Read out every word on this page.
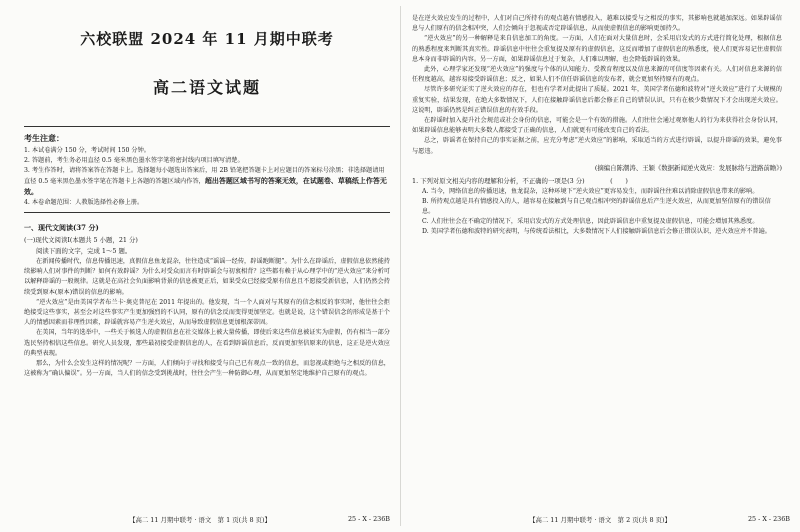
六校联盟 2024 年 11 月期中联考

高二语文试题

考生注意：

1. 本试卷满分 150 分，考试时间 150 分钟。

2. 答题前，考生务必用直径 0.5 毫米黑色墨水签字笔将密封线内项目填写清楚。

3. 考生作答时，请将答案答在答题卡上。选择题每小题选出答案后，用 2B 铅笔把答题卡上对应题目的答案标号涂黑；非选择题请用直径 0.5 毫米黑色墨水签字笔在答题卡上各题的答题区域内作答，超出答题区域书写的答案无效，在试题卷、草稿纸上作答无效。

4. 本卷命题范围：人教版选择性必修上册。

一、现代文阅读(37 分)

(一)现代文阅读Ⅰ(本题共 5 小题，21 分)

阅读下面的文字，完成 1～5 题。

在新闻传播时代，信息传播迅速，真假信息鱼龙混杂，往往造成“谣谣一经传，辟谣跑断腿”。为什么在辟谣后，虚假信息依然能持续影响人们对事件的判断？如何有效辟谣？为什么对受众而言有时辟谣会与初衷相背？这些都有赖于从心理学中的“逆火效应”来分析可以解释辟谣的一般规律。这就是在高社会负面影响背景的信息被更正后，如果受众已经接受原有信息且不愿接受新信息，人们仍然会持续受到原本(原本)错误的信息的影响。

“逆火效应”是由美国学者布兰卡·奥克普尼在 2011 年提出的。他发现，当一个人面对与其原有的信念相反的事实时，他往往会拒绝接受这些事实，甚至会对这些事实产生更加强烈的不认同，原有的信念反而变得更加坚定。也就是说，这个错误信念的形成是基于个人的情感因素而非理性因素，辟谣就容易产生逆火效应，从而导致虚假信息更加根深蒂固。

在美国，当年的选举中，一些关于候选人的虚假信息在社交媒体上被大量传播，即使后来这些信息被证实为虚假，仍有相当一部分选民坚持相信这些信息。研究人员发现，那些最初接受虚假信息的人，在看到辟谣信息后，反而更加坚信原来的信息，这正是逆火效应的典型表现。

那么，为什么会发生这样的情况呢？一方面，人们倾向于寻找和接受与自己已有观点一致的信息，而忽视或拒绝与之相反的信息，这被称为“确认偏误”。另一方面，当人们的信念受到挑战时，往往会产生一种防御心理，从而更加坚定地维护自己原有的观点。

【高二 11 月期中联考 · 语文　第 1 页(共 8 页)】	25 - X - 236B

是在逆火效应发生的过程中，人们对自己所持有的观点越有情感投入，越难以接受与之相反的事实，其影响也就越加深远。如果辟谣信息与人们原有的信念相冲突，人们会倾向于忽视或否定辟谣信息，从而使虚假信息的影响更加持久。

“逆火效应”的另一种解释是来自信息加工的角度。一方面，人们在面对大量信息时，会采用启发式的方式进行简化处理，根据信息的熟悉程度来判断其真实性。辟谣信息中往往会重复提及原有的虚假信息，这反而增加了虚假信息的熟悉度，使人们更容易记住虚假信息本身而非辟谣的内容。另一方面，如果辟谣信息过于复杂，人们难以理解，也会降低辟谣的效果。

此外，心理学家还发现“逆火效应”的强度与个体的认知能力、受教育程度以及信息来源的可信度等因素有关。人们对信息来源的信任程度越高，越容易接受辟谣信息；反之，如果人们不信任辟谣信息的发布者，就会更加坚持原有的观点。

尽管许多研究证实了逆火效应的存在，但也有学者对此提出了质疑。2021 年，美国学者伍德和波特对“逆火效应”进行了大规模的重复实验，结果发现，在绝大多数情况下，人们在接触辟谣信息后都会修正自己的错误认识，只有在极少数情况下才会出现逆火效应。这说明，辟谣仍然是纠正错误信息的有效手段。

在辟谣时加入提升社会规范或社会身份的信息，可能会是一个有效的措施。人们往往会通过观察他人的行为来获得社会身份认同，如果辟谣信息能够表明大多数人都接受了正确的信息，人们就更有可能改变自己的看法。

总之，辟谣者在保持自己的事实证据之前，应充分考虑“逆火效应”的影响，采取适当的方式进行辟谣，以提升辟谣的效果，避免事与愿违。

(摘编自陈潮涛、王颖《数据新闻逆火效应：发展脉络与进路前瞻》)

1. 下列对原文相关内容的理解和分析，不正确的一项是(3 分)　　　　(　　)

A. 当今，网络信息的传播迅速，鱼龙混杂，这种环境下“逆火效应”更容易发生，而辟谣往往难以消除虚假信息带来的影响。

B. 所持观点越是具有情感投入的人，越容易在接触到与自己观点相冲突的辟谣信息后产生逆火效应，从而更加坚信原有的错误信息。

C. 人们往往会在不确定的情况下，采用启发式的方式处理信息，因此辟谣信息中重复提及虚假信息，可能会增加其熟悉度。

D. 美国学者伍德和波特的研究表明，与传统看法相比，大多数情况下人们接触辟谣信息后会修正错误认识，逆火效应并不普遍。

【高二 11 月期中联考 · 语文　第 2 页(共 8 页)】	25 - X - 236B
